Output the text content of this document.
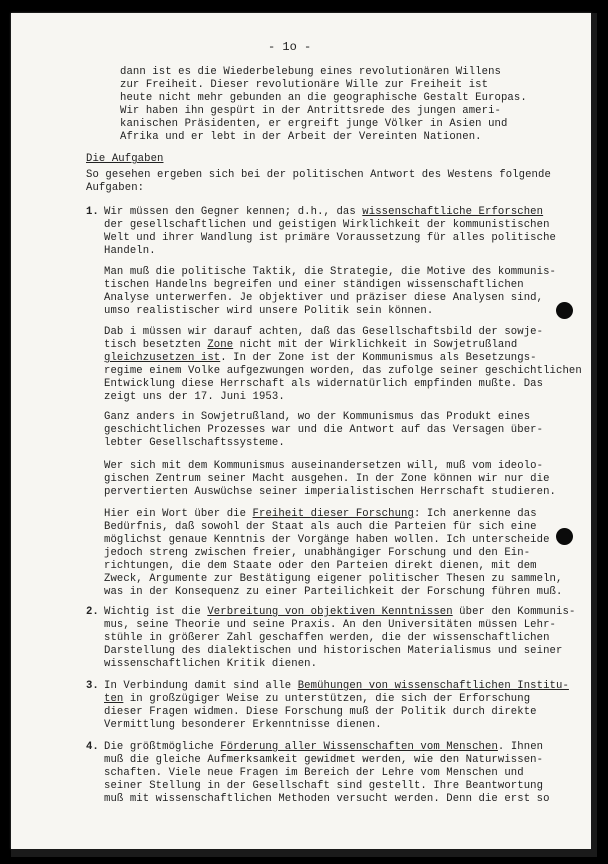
- 1o -
dann ist es die Wiederbelebung eines revolutionären Willens
zur Freiheit. Dieser revolutionäre Wille zur Freiheit ist
heute nicht mehr gebunden an die geographische Gestalt Europas.
Wir haben ihn gespürt in der Antrittsrede des jungen ameri-
kanischen Präsidenten, er ergreift junge Völker in Asien und
Afrika und er lebt in der Arbeit der Vereinten Nationen.
Die Aufgaben
So gesehen ergeben sich bei der politischen Antwort des Westens folgende
Aufgaben:
1. Wir müssen den Gegner kennen; d.h., das wissenschaftliche Erforschen
der gesellschaftlichen und geistigen Wirklichkeit der kommunistischen
Welt und ihrer Wandlung ist primäre Voraussetzung für alles politische
Handeln.
Man muß die politische Taktik, die Strategie, die Motive des kommunis-
tischen Handelns begreifen und einer ständigen wissenschaftlichen
Analyse unterwerfen. Je objektiver und präziser diese Analysen sind,
umso realistischer wird unsere Politik sein können.
Dab i müssen wir darauf achten, daß das Gesellschaftsbild der sowje-
tisch besetzten Zone nicht mit der Wirklichkeit in Sowjetrußland
gleichzusetzen ist. In der Zone ist der Kommunismus als Besetzungs-
regime einem Volke aufgezwungen worden, das zufolge seiner geschichtlichen
Entwicklung diese Herrschaft als widernatürlich empfinden mußte. Das
zeigt uns der 17. Juni 1953.
Ganz anders in Sowjetrußland, wo der Kommunismus das Produkt eines
geschichtlichen Prozesses war und die Antwort auf das Versagen über-
lebter Gesellschaftssysteme.
Wer sich mit dem Kommunismus auseinandersetzen will, muß vom ideolo-
gischen Zentrum seiner Macht ausgehen. In der Zone können wir nur die
pervertierten Auswüchse seiner imperialistischen Herrschaft studieren.
Hier ein Wort über die Freiheit dieser Forschung: Ich anerkenne das
Bedürfnis, daß sowohl der Staat als auch die Parteien für sich eine
möglichst genaue Kenntnis der Vorgänge haben wollen. Ich unterscheide
jedoch streng zwischen freier, unabhängiger Forschung und den Ein-
richtungen, die dem Staate oder den Parteien direkt dienen, mit dem
Zweck, Argumente zur Bestätigung eigener politischer Thesen zu sammeln,
was in der Konsequenz zu einer Parteilichkeit der Forschung führen muß.
2. Wichtig ist die Verbreitung von objektiven Kenntnissen über den Kommunis-
mus, seine Theorie und seine Praxis. An den Universitäten müssen Lehr-
stühle in größerer Zahl geschaffen werden, die der wissenschaftlichen
Darstellung des dialektischen und historischen Materialismus und seiner
wissenschaftlichen Kritik dienen.
3. In Verbindung damit sind alle Bemühungen von wissenschaftlichen Institu-
ten in großzügiger Weise zu unterstützen, die sich der Erforschung
dieser Fragen widmen. Diese Forschung muß der Politik durch direkte
Vermittlung besonderer Erkenntnisse dienen.
4. Die größtmögliche Förderung aller Wissenschaften vom Menschen. Ihnen
muß die gleiche Aufmerksamkeit gewidmet werden, wie den Naturwissen-
schaften. Viele neue Fragen im Bereich der Lehre vom Menschen und
seiner Stellung in der Gesellschaft sind gestellt. Ihre Beantwortung
muß mit wissenschaftlichen Methoden versucht werden. Denn die erst so
